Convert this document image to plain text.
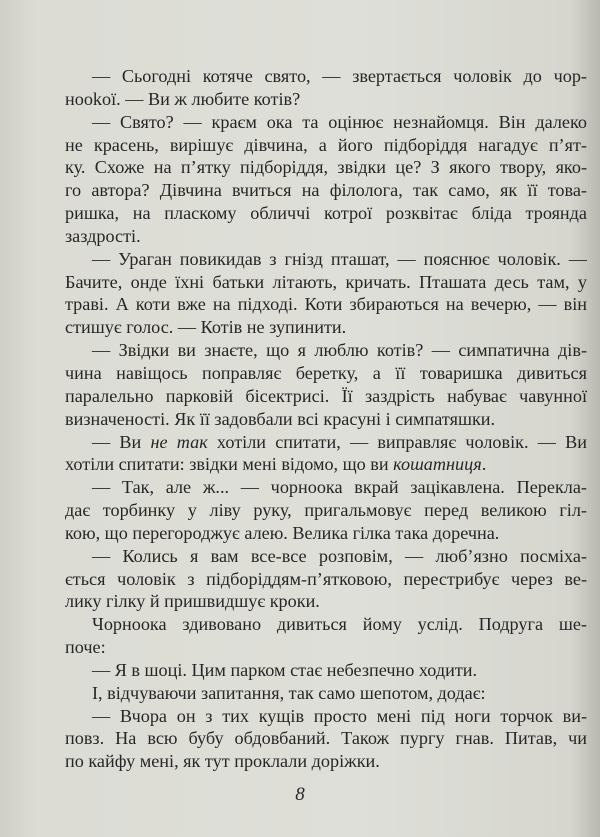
— Сьогодні котяче свято, — звертається чоловік до чор-
нookої. — Ви ж любите котів?
— Свято? — краєм ока та оцінює незнайомця. Він далеко
не красень, вирішує дівчина, а його підборіддя нагадує п’ят-
ку. Схоже на п’ятку підборіддя, звідки це? З якого твору, яко-
го автора? Дівчина вчиться на філолога, так само, як її това-
ришка, на пласкому обличчі котрої розквітає бліда троянда
заздрості.
— Ураган повикидав з гнізд пташат, — пояснює чоловік. —
Бачите, онде їхні батьки літають, кричать. Пташата десь там, у
траві. А коти вже на підході. Коти збираються на вечерю, — він
стишує голос. — Котів не зупинити.
— Звідки ви знаєте, що я люблю котів? — симпатична дів-
чина навіщось поправляє беретку, а її товаришка дивиться
паралельно парковій бісектрисі. Її заздрість набуває чавунної
визначеності. Як її задовбали всі красуні і симпатяшки.
— Ви не так хотіли спитати, — виправляє чоловік. — Ви
хотіли спитати: звідки мені відомо, що ви кошатниця.
— Так, але ж... — чорноока вкрай зацікавлена. Перекла-
дає торбинку у ліву руку, пригальмовує перед великою гіл-
кою, що перегороджує алею. Велика гілка така доречна.
— Колись я вам все-все розповім, — люб’язно посміха-
ється чоловік з підборіддям-п’ятковою, перестрибує через ве-
лику гілку й пришвидшує кроки.
Чорноока здивовано дивиться йому услід. Подруга ше-
поче:
— Я в шоці. Цим парком стає небезпечно ходити.
І, відчуваючи запитання, так само шепотом, додає:
— Вчора он з тих кущів просто мені під ноги торчок ви-
повз. На всю бубу обдовбаний. Також пургу гнав. Питав, чи
по кайфу мені, як тут проклали доріжки.
8
